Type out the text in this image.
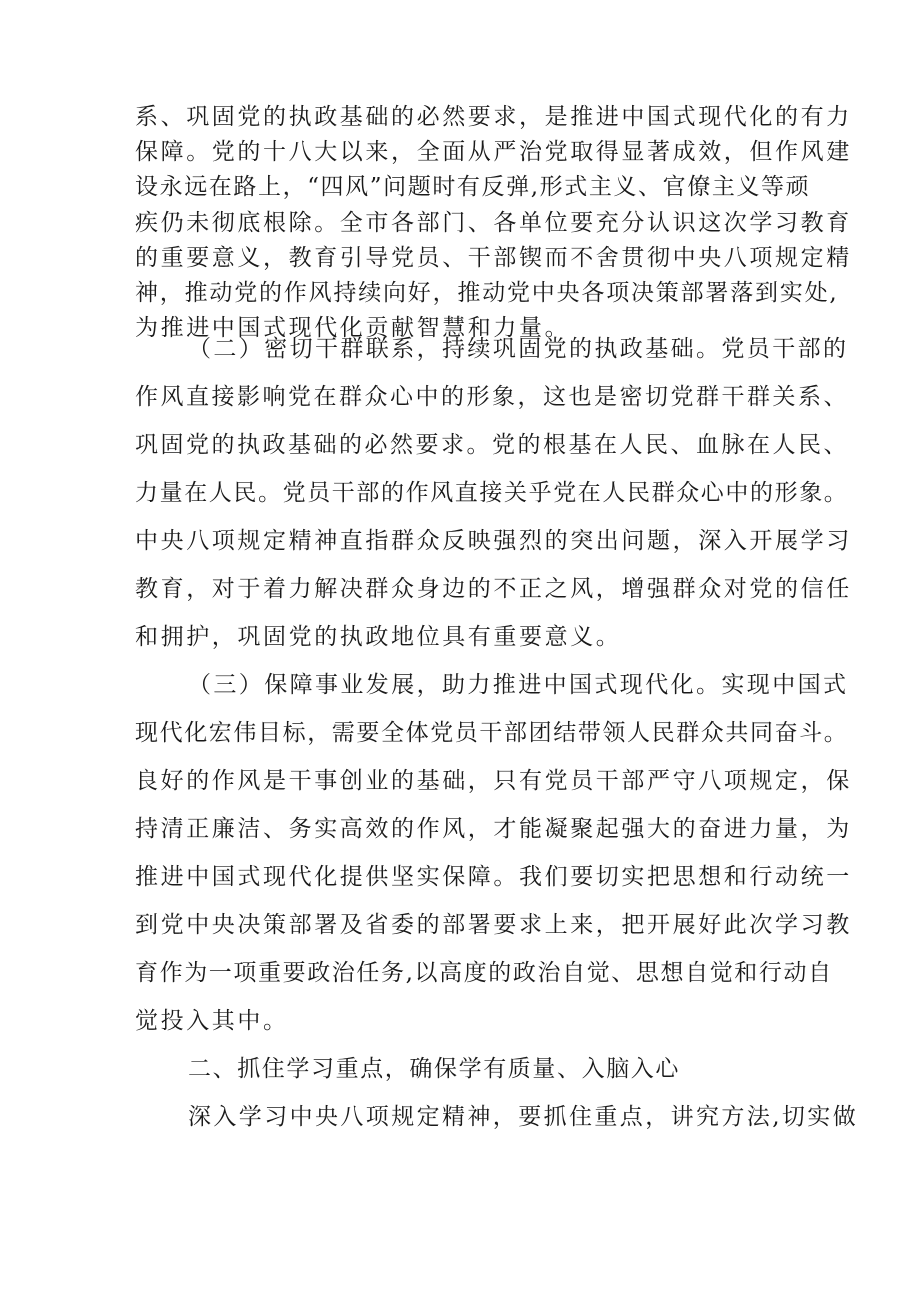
系、巩固党的执政基础的必然要求，是推进中国式现代化的有力
保障。党的十八大以来，全面从严治党取得显著成效，但作风建
设永远在路上，“四风”问题时有反弹,形式主义、官僚主义等顽
疾仍未彻底根除。全市各部门、各单位要充分认识这次学习教育
的重要意义，教育引导党员、干部锲而不舍贯彻中央八项规定精
神，推动党的作风持续向好，推动党中央各项决策部署落到实处,
为推进中国式现代化贡献智慧和力量。
（二）密切干群联系，持续巩固党的执政基础。党员干部的
作风直接影响党在群众心中的形象，这也是密切党群干群关系、
巩固党的执政基础的必然要求。党的根基在人民、血脉在人民、
力量在人民。党员干部的作风直接关乎党在人民群众心中的形象。
中央八项规定精神直指群众反映强烈的突出问题，深入开展学习
教育，对于着力解决群众身边的不正之风，增强群众对党的信任
和拥护，巩固党的执政地位具有重要意义。
（三）保障事业发展，助力推进中国式现代化。实现中国式
现代化宏伟目标，需要全体党员干部团结带领人民群众共同奋斗。
良好的作风是干事创业的基础，只有党员干部严守八项规定，保
持清正廉洁、务实高效的作风，才能凝聚起强大的奋进力量，为
推进中国式现代化提供坚实保障。我们要切实把思想和行动统一
到党中央决策部署及省委的部署要求上来，把开展好此次学习教
育作为一项重要政治任务,以高度的政治自觉、思想自觉和行动自
觉投入其中。
二、抓住学习重点，确保学有质量、入脑入心
深入学习中央八项规定精神，要抓住重点，讲究方法,切实做
